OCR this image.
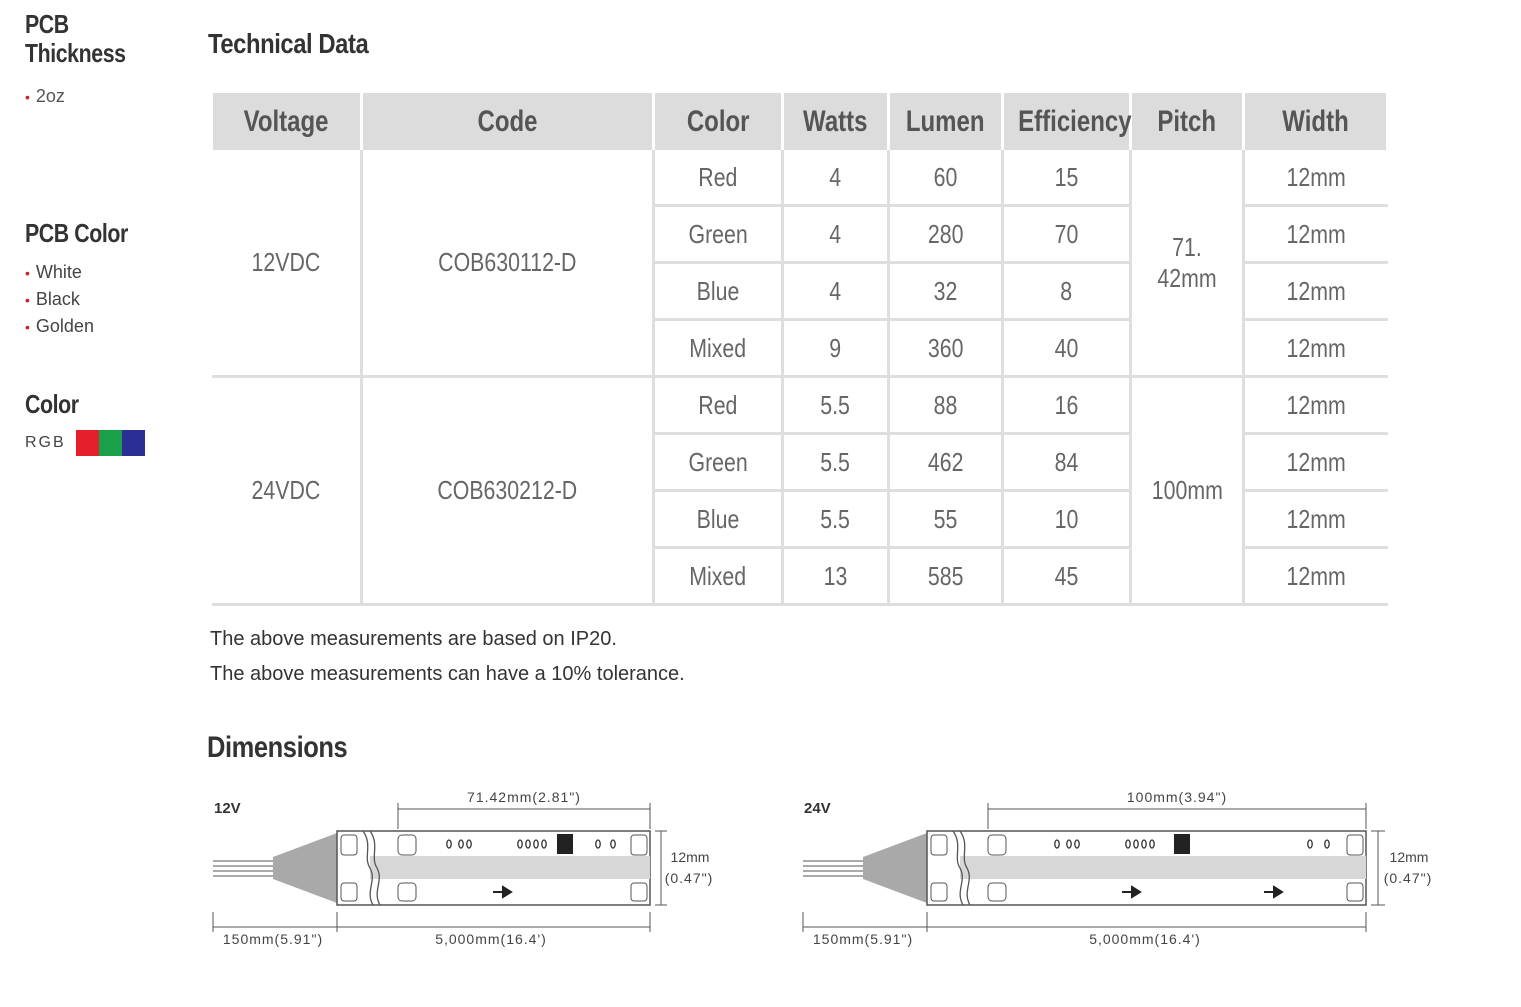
PCB Thickness
• 2oz
PCB Color
• White
• Black
• Golden
Color
RGB
Technical Data
Voltage	Code	Color	Watts	Lumen	Efficiency	Pitch	Width
12VDC	COB630112-D	Red	4	60	15	71. 42mm	12mm
		Green	4	280	70		12mm
		Blue	4	32	8		12mm
		Mixed	9	360	40		12mm
24VDC	COB630212-D	Red	5.5	88	16	100mm	12mm
		Green	5.5	462	84		12mm
		Blue	5.5	55	10		12mm
		Mixed	13	585	45		12mm
The above measurements are based on IP20.
The above measurements can have a 10% tolerance.
Dimensions
12V
71.42mm(2.81")
12mm
(0.47")
150mm(5.91")	5,000mm(16.4')
24V
100mm(3.94")
12mm
(0.47")
150mm(5.91")	5,000mm(16.4')
